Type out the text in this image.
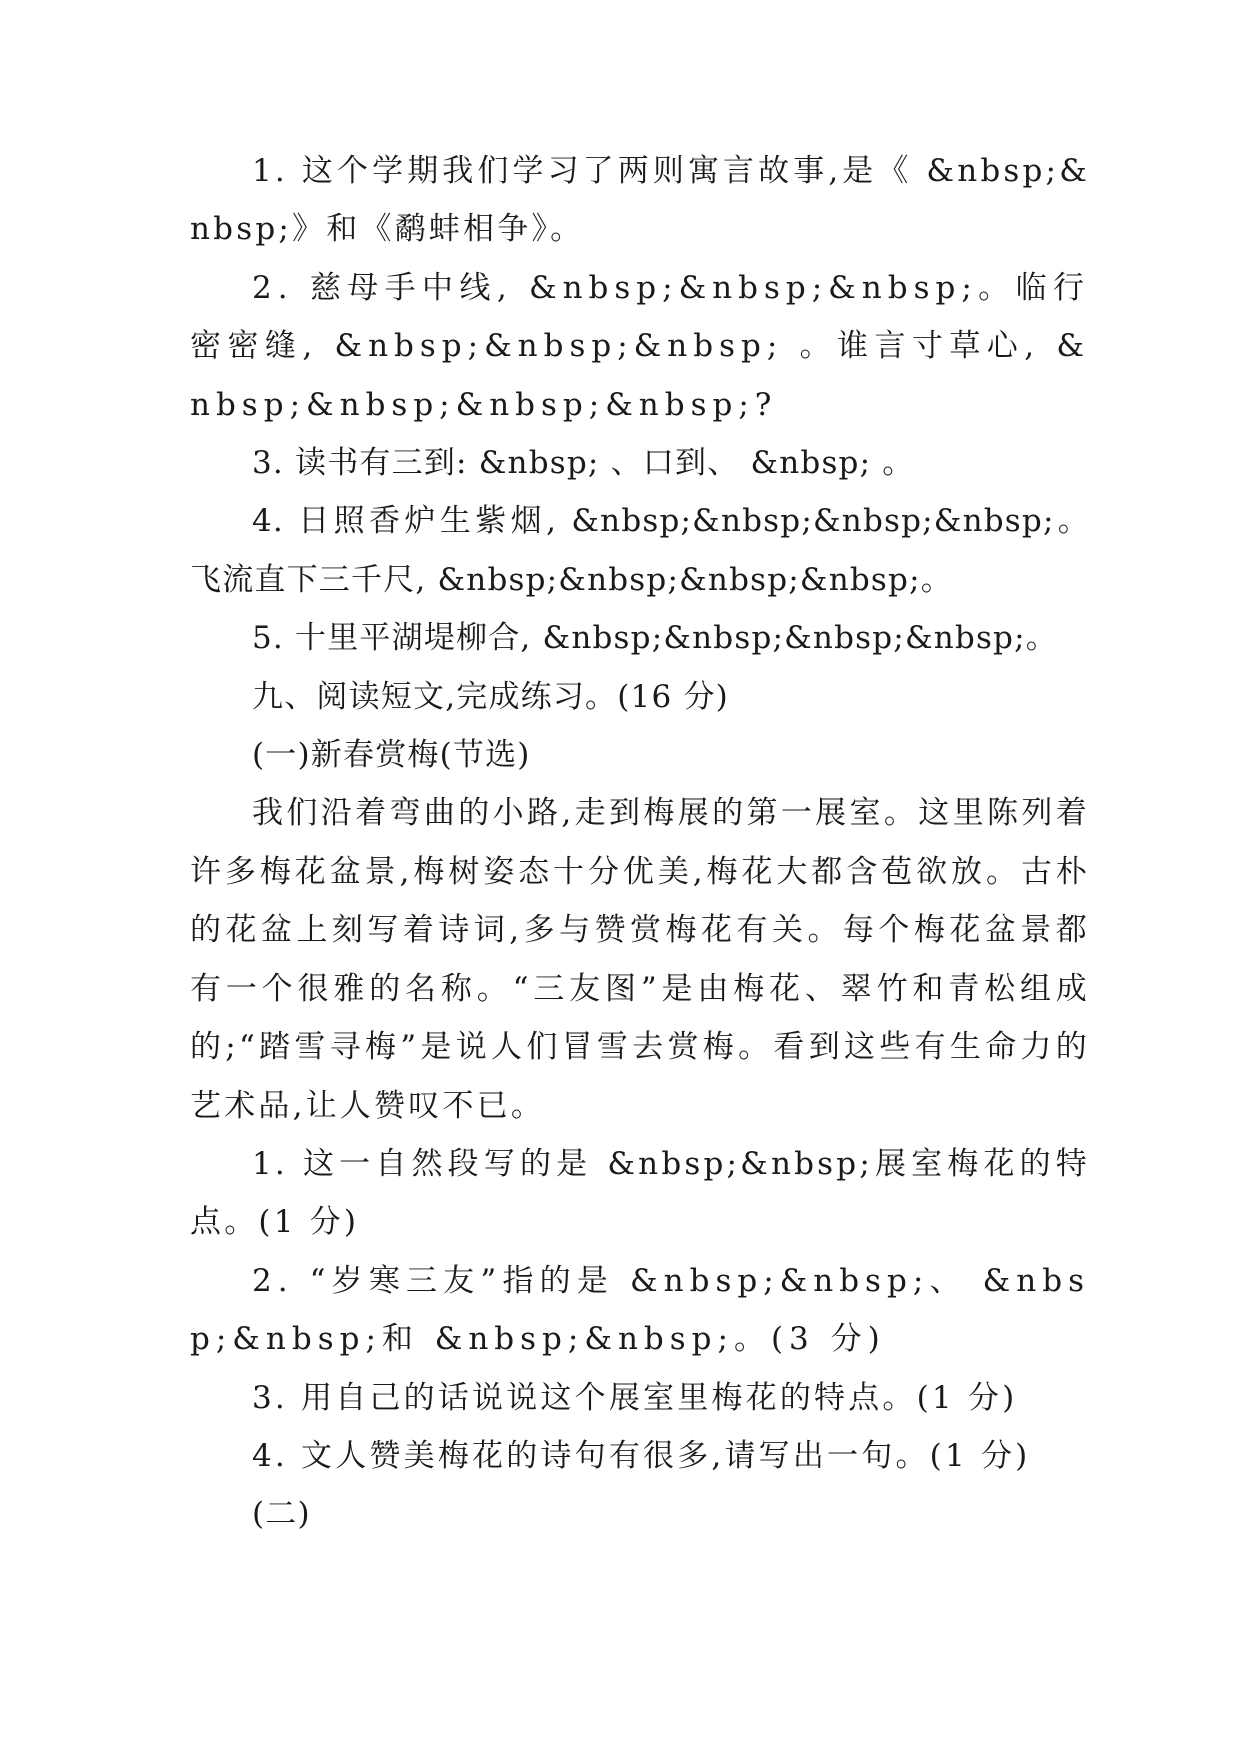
1. 这个学期我们学习了两则寓言故事,是《 &nbsp;&nbsp;》和《鹬蚌相争》。

2. 慈母手中线, &nbsp;&nbsp;&nbsp;。临行密密缝, &nbsp;&nbsp;&nbsp; 。谁言寸草心, &nbsp;&nbsp;&nbsp;&nbsp;?

3. 读书有三到: &nbsp; 、口到、 &nbsp; 。

4. 日照香炉生紫烟, &nbsp;&nbsp;&nbsp;&nbsp;。飞流直下三千尺, &nbsp;&nbsp;&nbsp;&nbsp;。

5. 十里平湖堤柳合, &nbsp;&nbsp;&nbsp;&nbsp;。

九、阅读短文,完成练习。(16 分)

(一)新春赏梅(节选)

我们沿着弯曲的小路,走到梅展的第一展室。这里陈列着许多梅花盆景,梅树姿态十分优美,梅花大都含苞欲放。古朴的花盆上刻写着诗词,多与赞赏梅花有关。每个梅花盆景都有一个很雅的名称。“三友图”是由梅花、翠竹和青松组成的;“踏雪寻梅”是说人们冒雪去赏梅。看到这些有生命力的艺术品,让人赞叹不已。

1. 这一自然段写的是 &nbsp;&nbsp;展室梅花的特点。(1 分)

2. “岁寒三友”指的是 &nbsp;&nbsp;、 &nbsp;&nbsp;和 &nbsp;&nbsp;。(3 分)

3. 用自己的话说说这个展室里梅花的特点。(1 分)

4. 文人赞美梅花的诗句有很多,请写出一句。(1 分)

(二)
